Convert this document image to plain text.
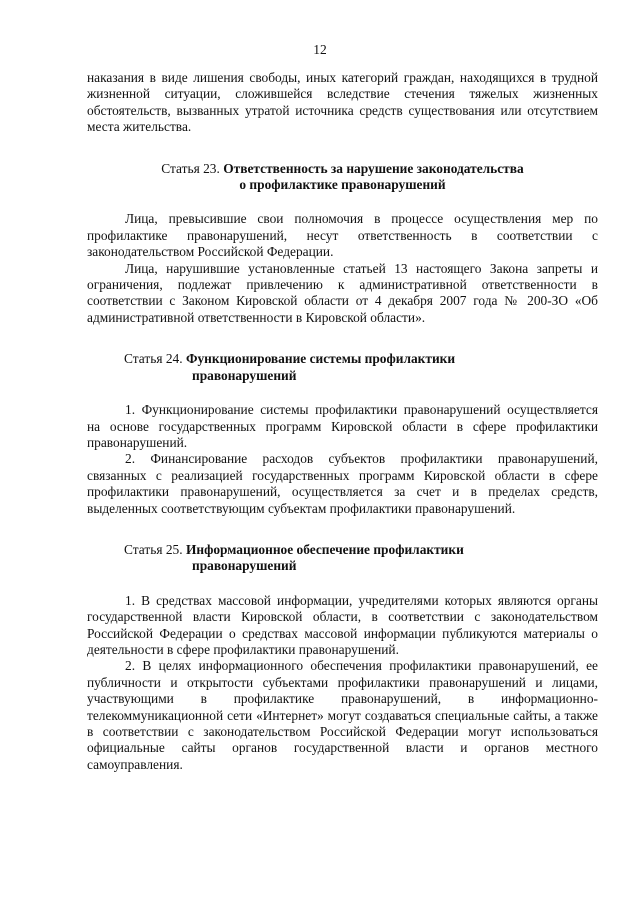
12

наказания в виде лишения свободы, иных категорий граждан, находящихся в трудной жизненной ситуации, сложившейся вследствие стечения тяжелых жизненных обстоятельств, вызванных утратой источника средств существования или отсутствием места жительства.

Статья 23. Ответственность за нарушение законодательства
о профилактике правонарушений

Лица, превысившие свои полномочия в процессе осуществления мер по профилактике правонарушений, несут ответственность в соответствии с законодательством Российской Федерации.

Лица, нарушившие установленные статьей 13 настоящего Закона запреты и ограничения, подлежат привлечению к административной ответственности в соответствии с Законом Кировской области от 4 декабря 2007 года № 200-ЗО «Об административной ответственности в Кировской области».

Статья 24. Функционирование системы профилактики
правонарушений

1. Функционирование системы профилактики правонарушений осуществляется на основе государственных программ Кировской области в сфере профилактики правонарушений.

2. Финансирование расходов субъектов профилактики правонарушений, связанных с реализацией государственных программ Кировской области в сфере профилактики правонарушений, осуществляется за счет и в пределах средств, выделенных соответствующим субъектам профилактики правонарушений.

Статья 25. Информационное обеспечение профилактики
правонарушений

1. В средствах массовой информации, учредителями которых являются органы государственной власти Кировской области, в соответствии с законодательством Российской Федерации о средствах массовой информации публикуются материалы о деятельности в сфере профилактики правонарушений.

2. В целях информационного обеспечения профилактики правонарушений, ее публичности и открытости субъектами профилактики правонарушений и лицами, участвующими в профилактике правонарушений, в информационно-телекоммуникационной сети «Интернет» могут создаваться специальные сайты, а также в соответствии с законодательством Российской Федерации могут использоваться официальные сайты органов государственной власти и органов местного самоуправления.
